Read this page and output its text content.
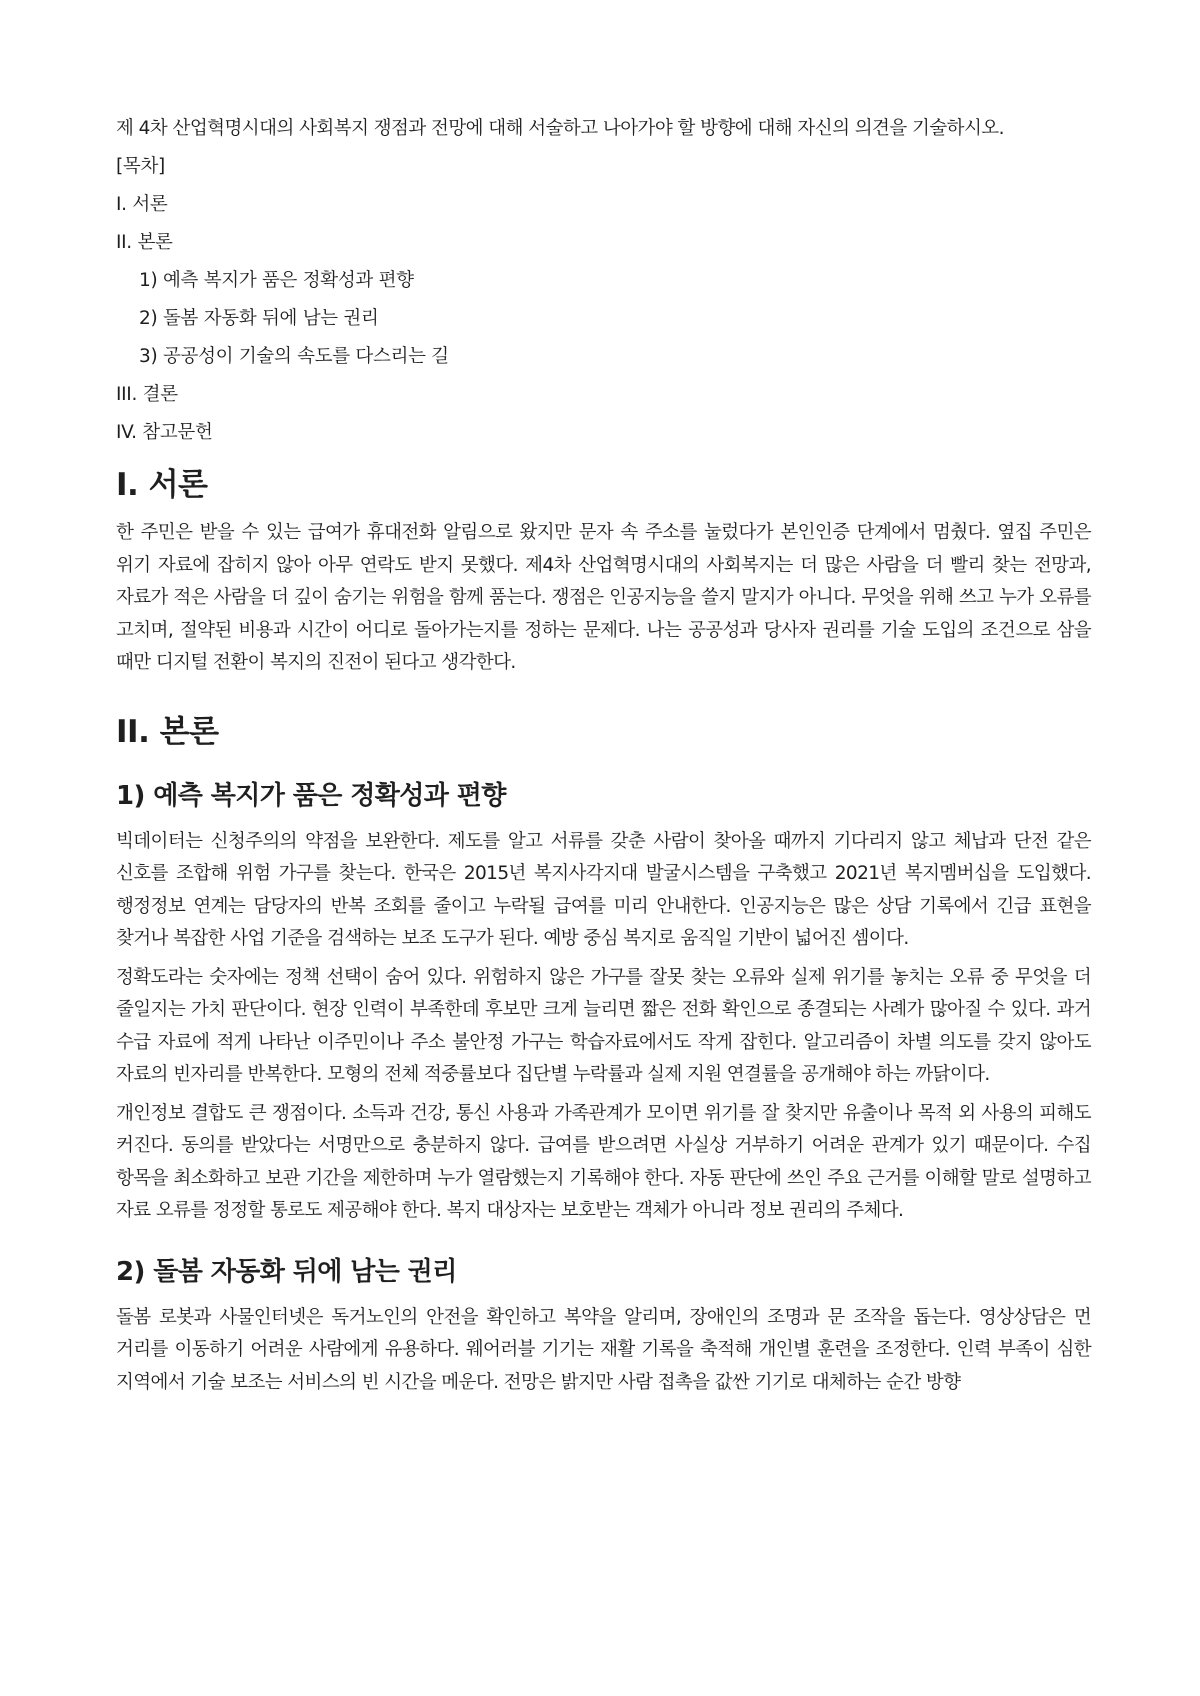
제 4차 산업혁명시대의 사회복지 쟁점과 전망에 대해 서술하고 나아가야 할 방향에 대해 자신의 의견을 기술하시오.

[목차]
I. 서론
II. 본론
1) 예측 복지가 품은 정확성과 편향
2) 돌봄 자동화 뒤에 남는 권리
3) 공공성이 기술의 속도를 다스리는 길
III. 결론
IV. 참고문헌
I. 서론

한 주민은 받을 수 있는 급여가 휴대전화 알림으로 왔지만 문자 속 주소를 눌렀다가 본인인증 단계에서 멈췄다. 옆집 주민은 위기 자료에 잡히지 않아 아무 연락도 받지 못했다. 제4차 산업혁명시대의 사회복지는 더 많은 사람을 더 빨리 찾는 전망과, 자료가 적은 사람을 더 깊이 숨기는 위험을 함께 품는다. 쟁점은 인공지능을 쓸지 말지가 아니다. 무엇을 위해 쓰고 누가 오류를 고치며, 절약된 비용과 시간이 어디로 돌아가는지를 정하는 문제다. 나는 공공성과 당사자 권리를 기술 도입의 조건으로 삼을 때만 디지털 전환이 복지의 진전이 된다고 생각한다.

II. 본론
1) 예측 복지가 품은 정확성과 편향

빅데이터는 신청주의의 약점을 보완한다. 제도를 알고 서류를 갖춘 사람이 찾아올 때까지 기다리지 않고 체납과 단전 같은 신호를 조합해 위험 가구를 찾는다. 한국은 2015년 복지사각지대 발굴시스템을 구축했고 2021년 복지멤버십을 도입했다. 행정정보 연계는 담당자의 반복 조회를 줄이고 누락될 급여를 미리 안내한다. 인공지능은 많은 상담 기록에서 긴급 표현을 찾거나 복잡한 사업 기준을 검색하는 보조 도구가 된다. 예방 중심 복지로 움직일 기반이 넓어진 셈이다.

정확도라는 숫자에는 정책 선택이 숨어 있다. 위험하지 않은 가구를 잘못 찾는 오류와 실제 위기를 놓치는 오류 중 무엇을 더 줄일지는 가치 판단이다. 현장 인력이 부족한데 후보만 크게 늘리면 짧은 전화 확인으로 종결되는 사례가 많아질 수 있다. 과거 수급 자료에 적게 나타난 이주민이나 주소 불안정 가구는 학습자료에서도 작게 잡힌다. 알고리즘이 차별 의도를 갖지 않아도 자료의 빈자리를 반복한다. 모형의 전체 적중률보다 집단별 누락률과 실제 지원 연결률을 공개해야 하는 까닭이다.

개인정보 결합도 큰 쟁점이다. 소득과 건강, 통신 사용과 가족관계가 모이면 위기를 잘 찾지만 유출이나 목적 외 사용의 피해도 커진다. 동의를 받았다는 서명만으로 충분하지 않다. 급여를 받으려면 사실상 거부하기 어려운 관계가 있기 때문이다. 수집 항목을 최소화하고 보관 기간을 제한하며 누가 열람했는지 기록해야 한다. 자동 판단에 쓰인 주요 근거를 이해할 말로 설명하고 자료 오류를 정정할 통로도 제공해야 한다. 복지 대상자는 보호받는 객체가 아니라 정보 권리의 주체다.

2) 돌봄 자동화 뒤에 남는 권리

돌봄 로봇과 사물인터넷은 독거노인의 안전을 확인하고 복약을 알리며, 장애인의 조명과 문 조작을 돕는다. 영상상담은 먼 거리를 이동하기 어려운 사람에게 유용하다. 웨어러블 기기는 재활 기록을 축적해 개인별 훈련을 조정한다. 인력 부족이 심한 지역에서 기술 보조는 서비스의 빈 시간을 메운다. 전망은 밝지만 사람 접촉을 값싼 기기로 대체하는 순간 방향
